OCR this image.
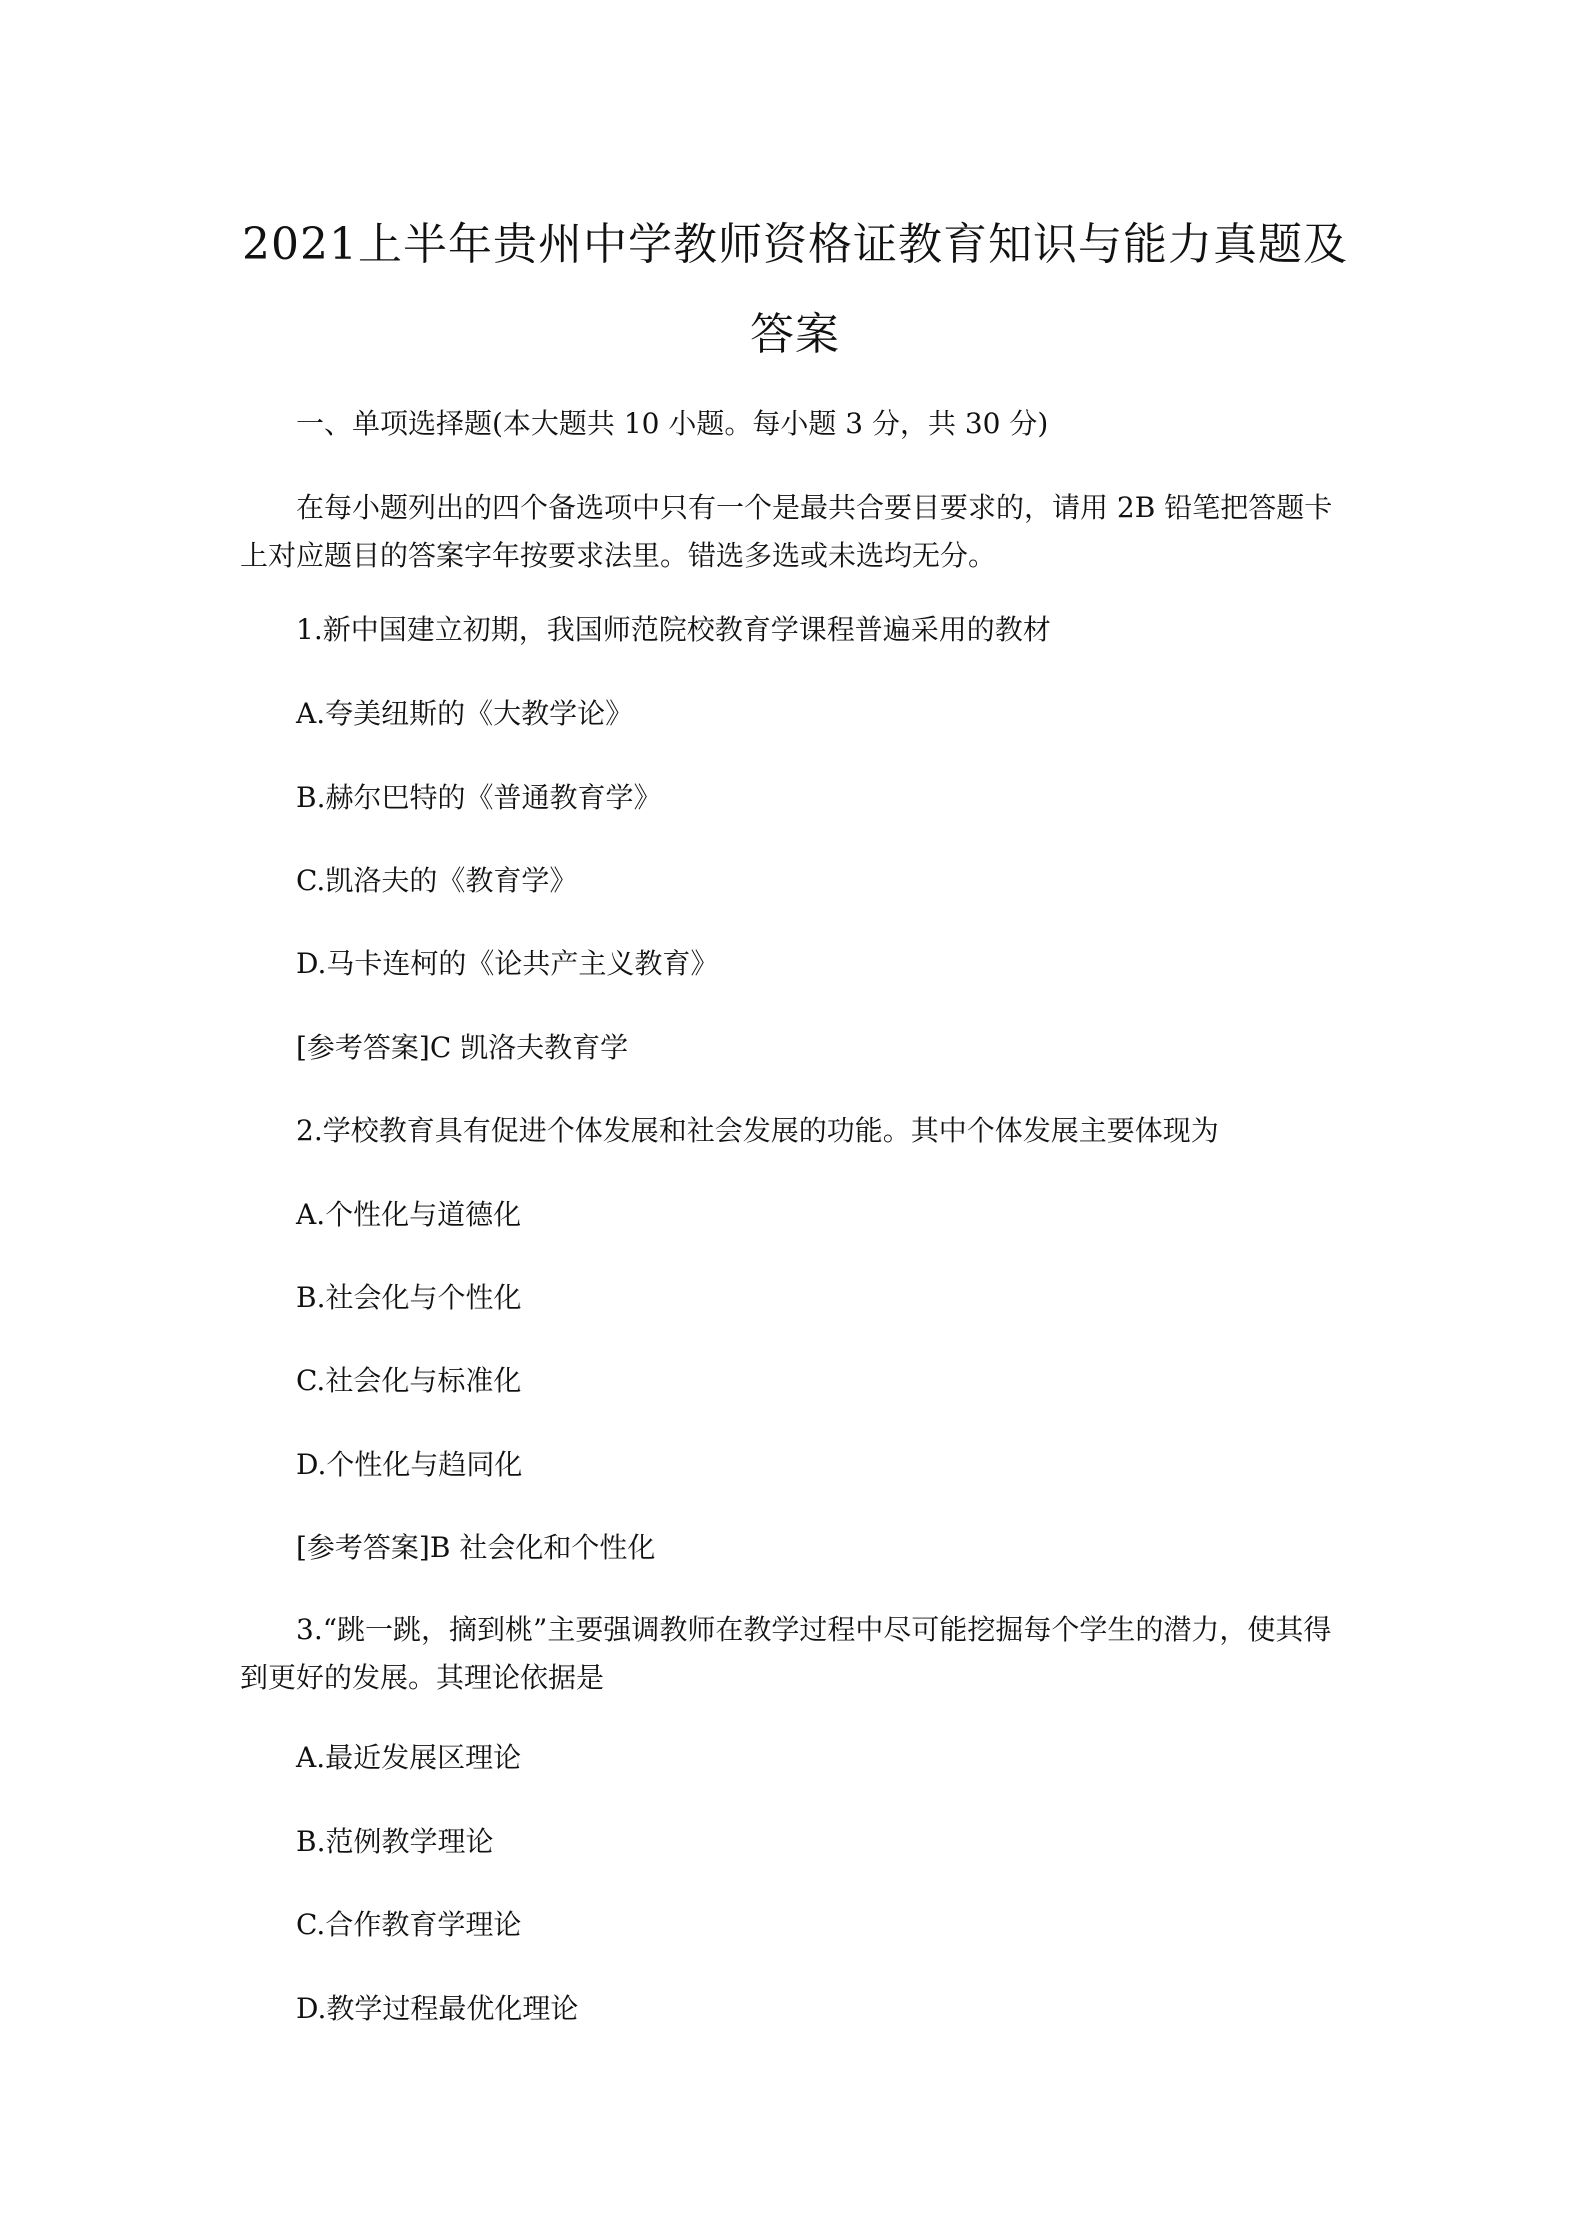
2021上半年贵州中学教师资格证教育知识与能力真题及答案

一、单项选择题(本大题共 10 小题。每小题 3 分，共 30 分)

在每小题列出的四个备选项中只有一个是最共合要目要求的，请用 2B 铅笔把答题卡上对应题目的答案字年按要求法里。错选多选或未选均无分。

1.新中国建立初期，我国师范院校教育学课程普遍采用的教材

A.夸美纽斯的《大教学论》

B.赫尔巴特的《普通教育学》

C.凯洛夫的《教育学》

D.马卡连柯的《论共产主义教育》

[参考答案]C 凯洛夫教育学

2.学校教育具有促进个体发展和社会发展的功能。其中个体发展主要体现为

A.个性化与道德化

B.社会化与个性化

C.社会化与标准化

D.个性化与趋同化

[参考答案]B 社会化和个性化

3.“跳一跳，摘到桃”主要强调教师在教学过程中尽可能挖掘每个学生的潜力，使其得到更好的发展。其理论依据是

A.最近发展区理论

B.范例教学理论

C.合作教育学理论

D.教学过程最优化理论
